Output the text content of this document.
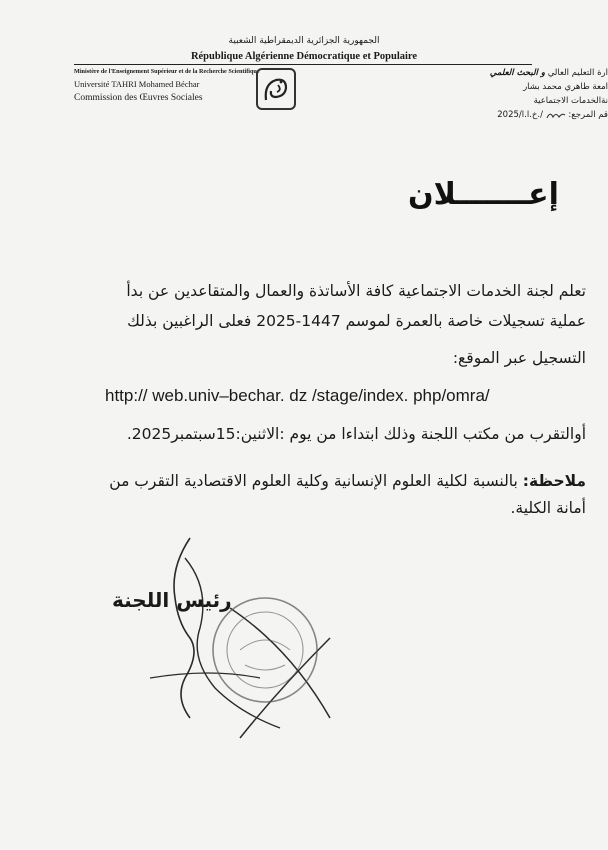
الجمهورية الجزائرية الديمقراطية الشعبية
République Algérienne Démocratique et Populaire
Ministère de l'Enseignement Supérieur et de la Recherche Scientifique
Université TAHRI Mohamed Béchar
Commission des Œuvres Sociales
ارة التعليم العالي و البحث العلمي
امعة طاهري محمد بشار
نةالخدمات الاجتماعية
قم المرجع:  2025/خ.ا.ا./
إعـــــــلان
تعلم لجنة الخدمات الاجتماعية كافة الأساتذة والعمال والمتقاعدين عن بدأ
عملية تسجيلات خاصة بالعمرة لموسم 1447-2025 فعلى الراغبين بذلك
التسجيل عبر الموقع:
http:// web.univ–bechar. dz /stage/index. php/omra/
أوالتقرب من مكتب اللجنة وذلك ابتداءا من يوم :الاثنين:15سبتمبر2025.
ملاحظة: بالنسبة لكلية العلوم الإنسانية وكلية العلوم الاقتصادية التقرب من
أمانة الكلية.
رئيس اللجنة
